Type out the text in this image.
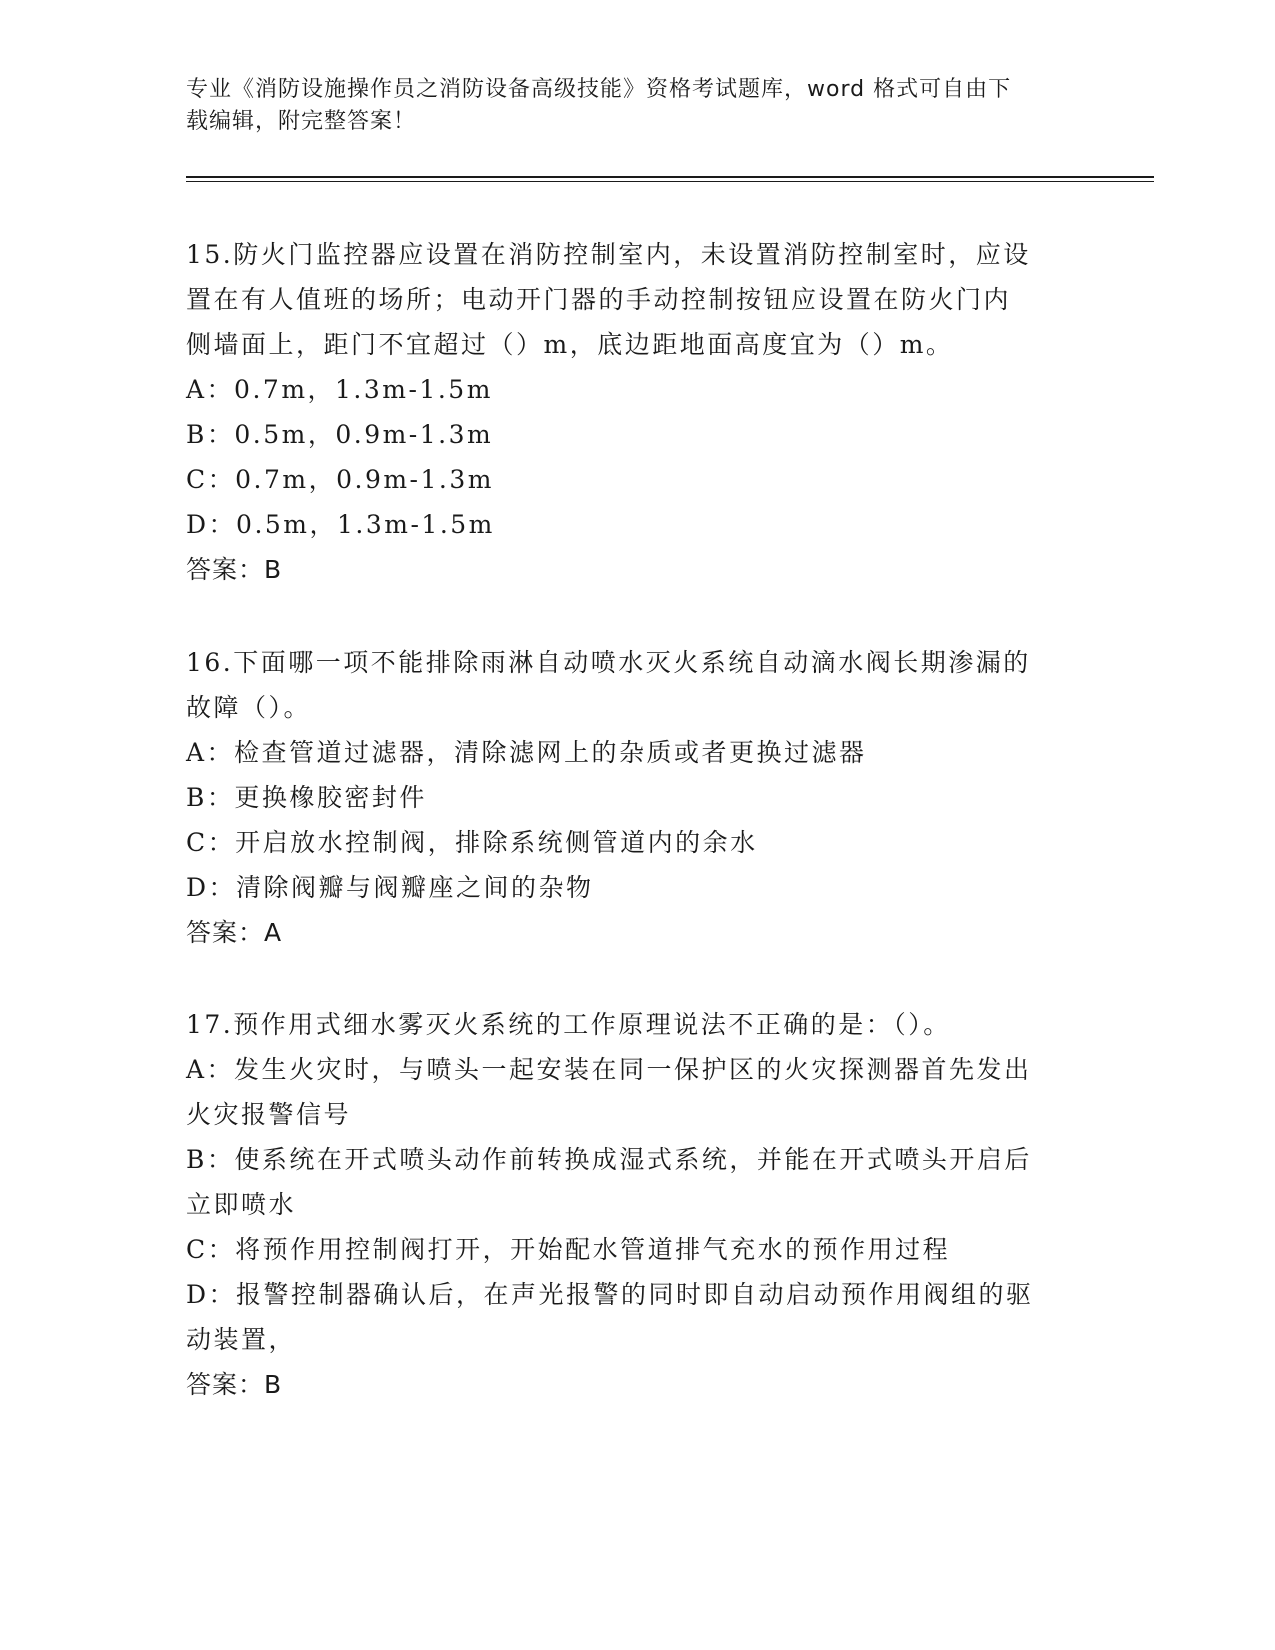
专业《消防设施操作员之消防设备高级技能》资格考试题库，word 格式可自由下
载编辑，附完整答案！

15.防火门监控器应设置在消防控制室内，未设置消防控制室时，应设

置在有人值班的场所；电动开门器的手动控制按钮应设置在防火门内

侧墙面上，距门不宜超过（）m，底边距地面高度宜为（）m。

A：0.7m，1.3m-1.5m

B：0.5m，0.9m-1.3m

C：0.7m，0.9m-1.3m

D：0.5m，1.3m-1.5m

答案：B

16.下面哪一项不能排除雨淋自动喷水灭火系统自动滴水阀长期渗漏的

故障（）。

A：检查管道过滤器，清除滤网上的杂质或者更换过滤器

B：更换橡胶密封件

C：开启放水控制阀，排除系统侧管道内的余水

D：清除阀瓣与阀瓣座之间的杂物

答案：A

17.预作用式细水雾灭火系统的工作原理说法不正确的是：（）。

A：发生火灾时，与喷头一起安装在同一保护区的火灾探测器首先发出

火灾报警信号

B：使系统在开式喷头动作前转换成湿式系统，并能在开式喷头开启后

立即喷水

C：将预作用控制阀打开，开始配水管道排气充水的预作用过程

D：报警控制器确认后，在声光报警的同时即自动启动预作用阀组的驱

动装置，

答案：B
